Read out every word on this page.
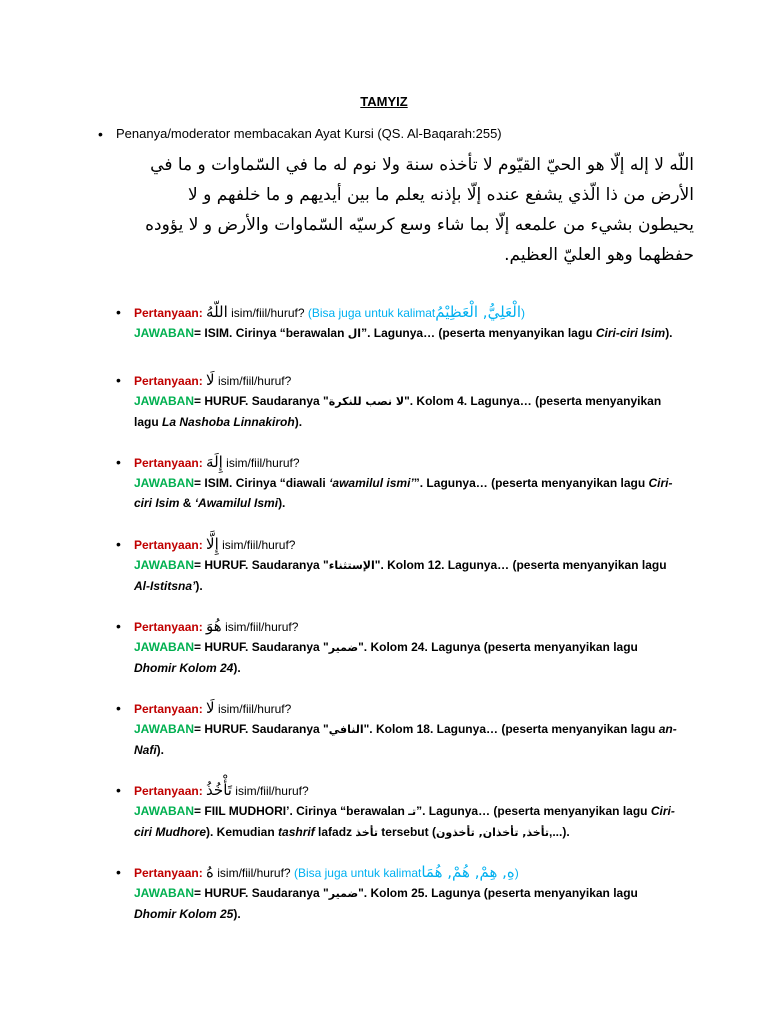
TAMYIZ
• Penanya/moderator membacakan Ayat Kursi (QS. Al-Baqarah:255)
اللّه لا إله إلّا هو الحيّ القيّوم لا تأخذه سنة ولا نوم له ما في السّماوات و ما في الأرض من ذا الّذي يشفع عنده إلّا بإذنه يعلم ما بين أيديهم و ما خلفهم و لا يحيطون بشيء من علمعه إلّا بما شاء وسع كرسيّه السّماوات والأرض و لا يؤوده حفظهما وهو العليّ العظيم.
• Pertanyaan: اللّهُ isim/fiil/huruf? (Bisa juga untuk kalimatالْعَلِيُّ, الْعَظِيْمُ)
JAWABAN= ISIM. Cirinya “berawalan ال”. Lagunya… (peserta menyanyikan lagu Ciri-ciri Isim).
• Pertanyaan: لَا isim/fiil/huruf?
JAWABAN= HURUF. Saudaranya "لا نصب للنكرة". Kolom 4. Lagunya… (peserta menyanyikan lagu La Nashoba Linnakiroh).
• Pertanyaan: إِلَهَ isim/fiil/huruf?
JAWABAN= ISIM. Cirinya “diawali ‘awamilul ismi’”. Lagunya… (peserta menyanyikan lagu Ciri-ciri Isim & ‘Awamilul Ismi).
• Pertanyaan: إِلَّا isim/fiil/huruf?
JAWABAN= HURUF. Saudaranya "الإستثناء". Kolom 12. Lagunya… (peserta menyanyikan lagu Al-Istitsna’).
• Pertanyaan: هُوَ isim/fiil/huruf?
JAWABAN= HURUF. Saudaranya "ضمير". Kolom 24. Lagunya (peserta menyanyikan lagu Dhomir Kolom 24).
• Pertanyaan: لَا isim/fiil/huruf?
JAWABAN= HURUF. Saudaranya "النافي". Kolom 18. Lagunya… (peserta menyanyikan lagu an-Nafi).
• Pertanyaan: تَأْخُذُ isim/fiil/huruf?
JAWABAN= FIIL MUDHORI’. Cirinya “berawalan تـ”. Lagunya… (peserta menyanyikan lagu Ciri-ciri Mudhore). Kemudian tashrif lafadz تأخذ tersebut (تأخذ, تأخذان, تأخذون,...).
• Pertanyaan: هُ isim/fiil/huruf? (Bisa juga untuk kalimatهِ, هِمْ, هُمْ, هُمَا)
JAWABAN= HURUF. Saudaranya "ضمير". Kolom 25. Lagunya (peserta menyanyikan lagu Dhomir Kolom 25).
